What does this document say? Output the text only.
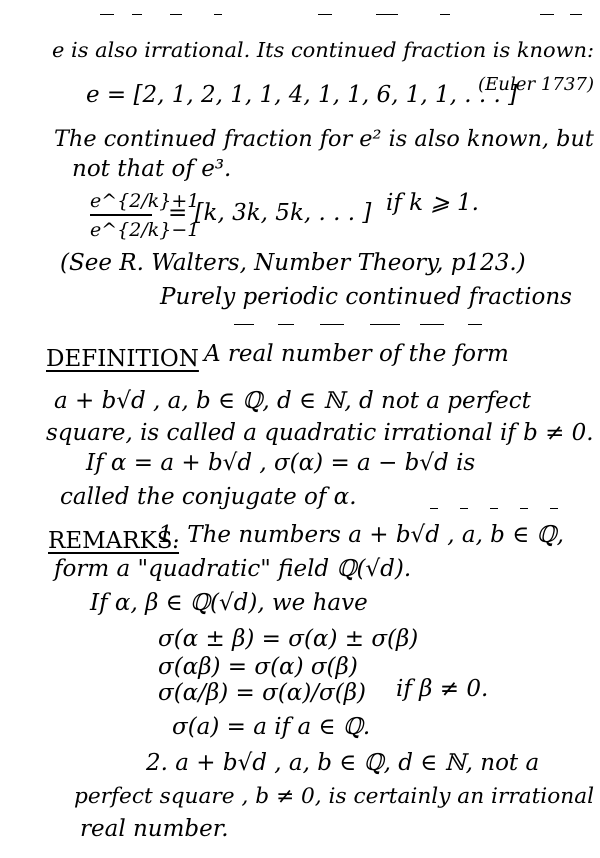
e is also irrational. Its continued fraction is known:
e = [2, 1, 2, 1, 1, 4, 1, 1, 6, 1, 1, . . . ]
(Euler 1737)
The continued fraction for e² is also known, but
not that of e³.
e^{2/k}+1
e^{2/k}−1
= [k, 3k, 5k, . . . ] if k ⩾ 1.
(See R. Walters, Number Theory, p123.)
Purely periodic continued fractions
DEFINITION A real number of the form
a + b√d , a, b ∈ ℚ, d ∈ ℕ, d not a perfect
square, is called a quadratic irrational if b ≠ 0.
If α = a + b√d , σ(α) = a − b√d is
called the conjugate of α.
REMARKS.
1. The numbers a + b√d , a, b ∈ ℚ,
form a "quadratic" field ℚ(√d).
If α, β ∈ ℚ(√d), we have
σ(α ± β) = σ(α) ± σ(β)
σ(αβ) = σ(α) σ(β)
σ(α/β) = σ(α)/σ(β) if β ≠ 0.
σ(a) = a if a ∈ ℚ.
2. a + b√d , a, b ∈ ℚ, d ∈ ℕ, not a
perfect square , b ≠ 0, is certainly an irrational
real number.
